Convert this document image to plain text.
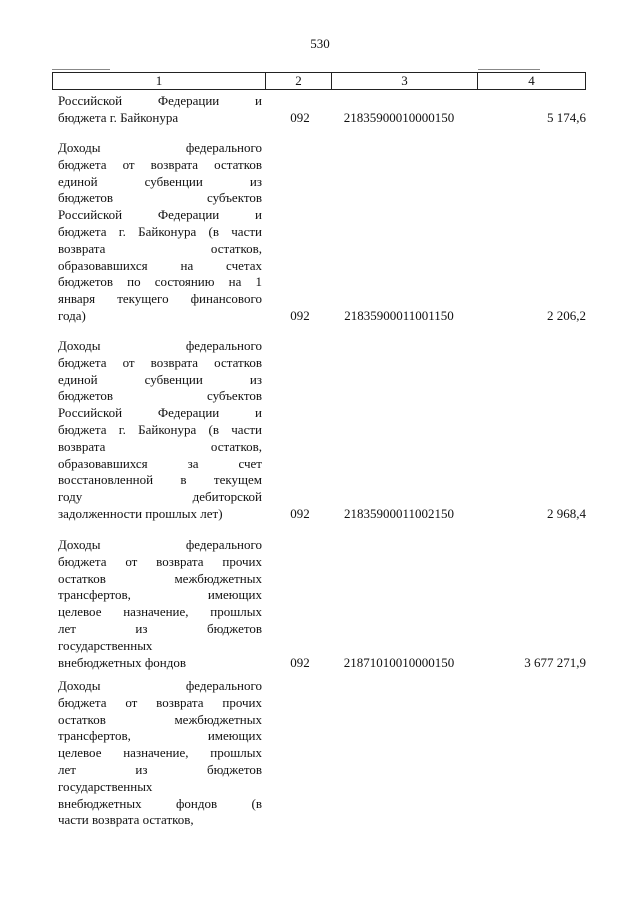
530
1	2	3	4
Российской Федерации и
бюджета г. Байконура	092	21835900010000150	5 174,6
Доходы федерального
бюджета от возврата остатков
единой субвенции из
бюджетов субъектов
Российской Федерации и
бюджета г. Байконура (в части
возврата остатков,
образовавшихся на счетах
бюджетов по состоянию на 1
января текущего финансового
года)	092	21835900011001150	2 206,2
Доходы федерального
бюджета от возврата остатков
единой субвенции из
бюджетов субъектов
Российской Федерации и
бюджета г. Байконура (в части
возврата остатков,
образовавшихся за счет
восстановленной в текущем
году дебиторской
задолженности прошлых лет)	092	21835900011002150	2 968,4
Доходы федерального
бюджета от возврата прочих
остатков межбюджетных
трансфертов, имеющих
целевое назначение, прошлых
лет из бюджетов
государственных
внебюджетных фондов	092	21871010010000150	3 677 271,9
Доходы федерального
бюджета от возврата прочих
остатков межбюджетных
трансфертов, имеющих
целевое назначение, прошлых
лет из бюджетов
государственных
внебюджетных фондов (в
части возврата остатков,
